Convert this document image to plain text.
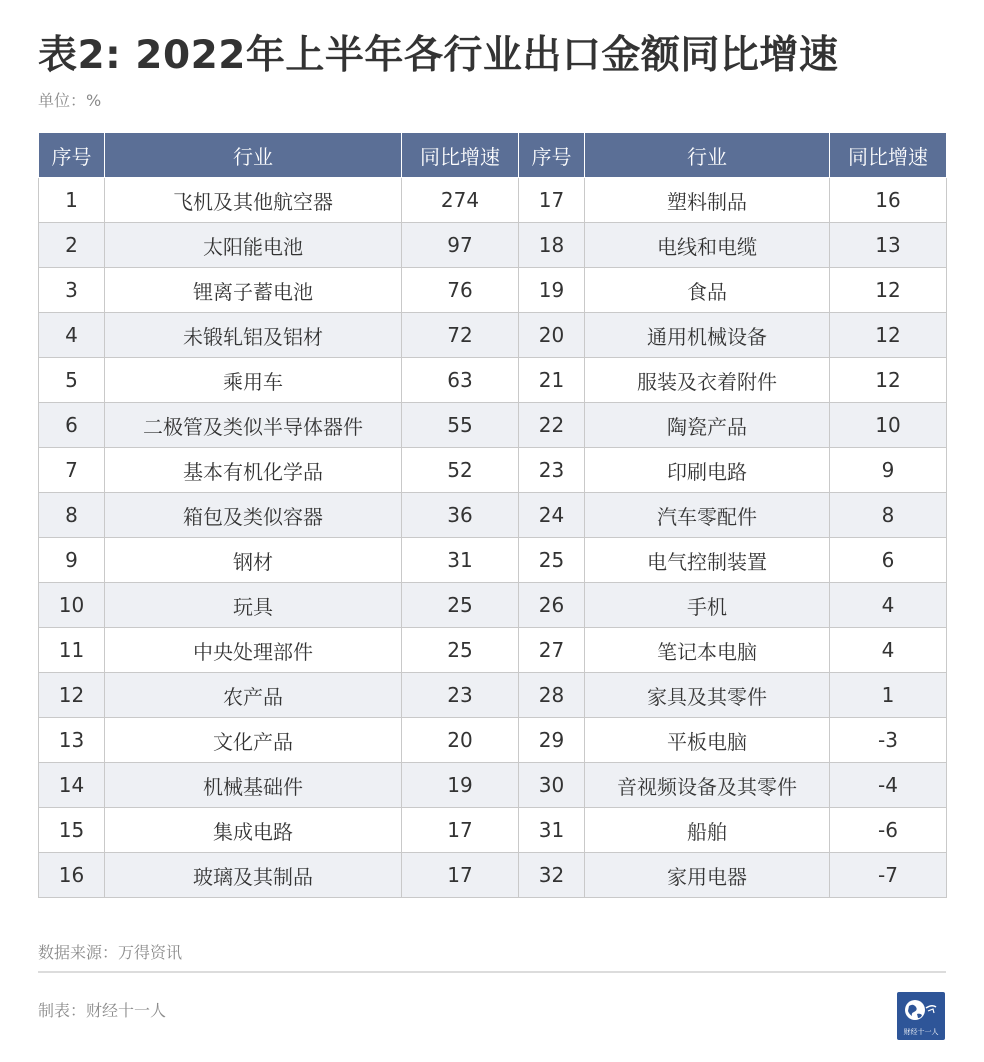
表2: 2022年上半年各行业出口金额同比增速
单位：%
序号	行业	同比增速	序号	行业	同比增速
1	飞机及其他航空器	274	17	塑料制品	16
2	太阳能电池	97	18	电线和电缆	13
3	锂离子蓄电池	76	19	食品	12
4	未锻轧铝及铝材	72	20	通用机械设备	12
5	乘用车	63	21	服装及衣着附件	12
6	二极管及类似半导体器件	55	22	陶瓷产品	10
7	基本有机化学品	52	23	印刷电路	9
8	箱包及类似容器	36	24	汽车零配件	8
9	钢材	31	25	电气控制装置	6
10	玩具	25	26	手机	4
11	中央处理部件	25	27	笔记本电脑	4
12	农产品	23	28	家具及其零件	1
13	文化产品	20	29	平板电脑	-3
14	机械基础件	19	30	音视频设备及其零件	-4
15	集成电路	17	31	船舶	-6
16	玻璃及其制品	17	32	家用电器	-7
数据来源：万得资讯
制表：财经十一人
财经十一人
